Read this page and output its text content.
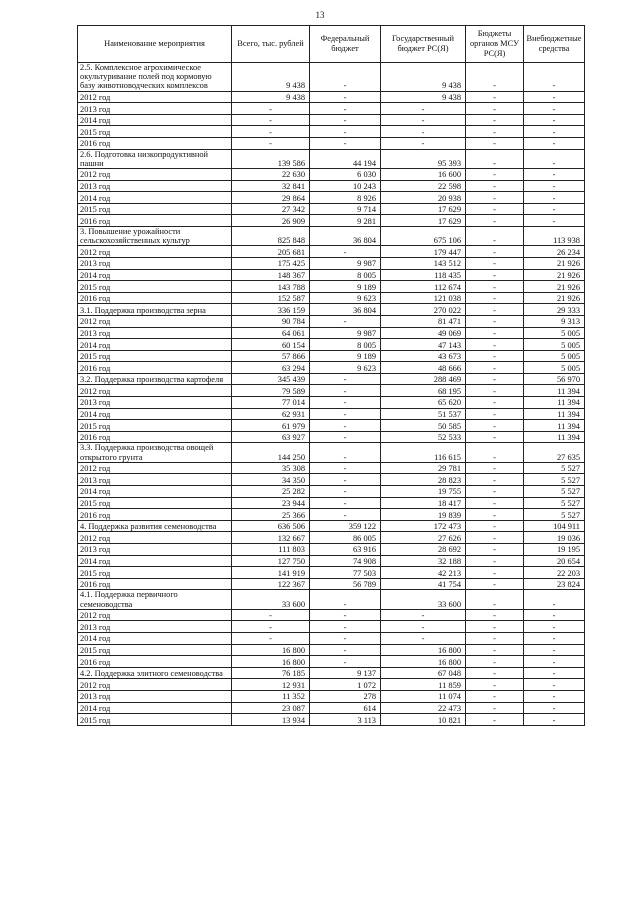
13
Наименование мероприятия	Всего, тыс. рублей	Федеральный бюджет	Государственный бюджет РС(Я)	Бюджеты органов МСУ РС(Я)	Внебюджетные средства
2.5. Комплексное агрохимическое окультуривание полей под кормовую базу животноводческих комплексов	9 438	-	9 438	-	-
2012 год	9 438	-	9 438	-	-
2013 год	-	-	-	-	-
2014 год	-	-	-	-	-
2015 год	-	-	-	-	-
2016 год	-	-	-	-	-
2.6. Подготовка низкопродуктивной пашни	139 586	44 194	95 393	-	-
2012 год	22 630	6 030	16 600	-	-
2013 год	32 841	10 243	22 598	-	-
2014 год	29 864	8 926	20 938	-	-
2015 год	27 342	9 714	17 629	-	-
2016 год	26 909	9 281	17 629	-	-
3. Повышение урожайности сельскохозяйственных культур	825 848	36 804	675 106	-	113 938
2012 год	205 681	-	179 447	-	26 234
2013 год	175 425	9 987	143 512	-	21 926
2014 год	148 367	8 005	118 435	-	21 926
2015 год	143 788	9 189	112 674	-	21 926
2016 год	152 587	9 623	121 038	-	21 926
3.1. Поддержка производства зерна	336 159	36 804	270 022	-	29 333
2012 год	90 784	-	81 471	-	9 313
2013 год	64 061	9 987	49 069	-	5 005
2014 год	60 154	8 005	47 143	-	5 005
2015 год	57 866	9 189	43 673	-	5 005
2016 год	63 294	9 623	48 666	-	5 005
3.2. Поддержка производства картофеля	345 439	-	288 469	-	56 970
2012 год	79 589	-	68 195	-	11 394
2013 год	77 014	-	65 620	-	11 394
2014 год	62 931	-	51 537	-	11 394
2015 год	61 979	-	50 585	-	11 394
2016 год	63 927	-	52 533	-	11 394
3.3. Поддержка производства овощей открытого грунта	144 250	-	116 615	-	27 635
2012 год	35 308	-	29 781	-	5 527
2013 год	34 350	-	28 823	-	5 527
2014 год	25 282	-	19 755	-	5 527
2015 год	23 944	-	18 417	-	5 527
2016 год	25 366	-	19 839	-	5 527
4. Поддержка развития семеноводства	636 506	359 122	172 473	-	104 911
2012 год	132 667	86 005	27 626	-	19 036
2013 год	111 803	63 916	28 692	-	19 195
2014 год	127 750	74 908	32 188	-	20 654
2015 год	141 919	77 503	42 213	-	22 203
2016 год	122 367	56 789	41 754	-	23 824
4.1. Поддержка первичного семеноводства	33 600	-	33 600	-	-
2012 год	-	-	-	-	-
2013 год	-	-	-	-	-
2014 год	-	-	-	-	-
2015 год	16 800	-	16 800	-	-
2016 год	16 800	-	16 800	-	-
4.2. Поддержка элитного семеноводства	76 185	9 137	67 048	-	-
2012 год	12 931	1 072	11 859	-	-
2013 год	11 352	278	11 074	-	-
2014 год	23 087	614	22 473	-	-
2015 год	13 934	3 113	10 821	-	-
